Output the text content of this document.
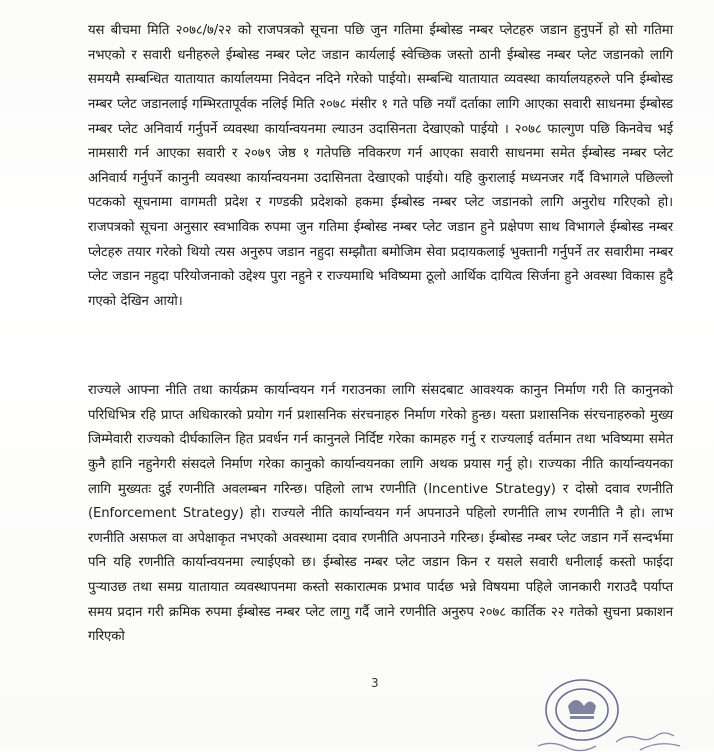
यस बीचमा मिति २०७८/७/२२ को राजपत्रको सूचना पछि जुन गतिमा ईम्बोस्ड नम्बर प्लेटहरु जडान हुनुपर्ने हो सो गतिमा नभएको र सवारी धनीहरुले ईम्बोस्ड नम्बर प्लेट जडान कार्यलाई स्वेच्छिक जस्तो ठानी ईम्बोस्ड नम्बर प्लेट जडानको लागि समयमै सम्बन्धित यातायात कार्यालयमा निवेदन नदिने गरेको पाईयो। सम्बन्धि यातायात व्यवस्था कार्यालयहरुले पनि ईम्बोस्ड नम्बर प्लेट जडानलाई गम्भिरतापूर्वक नलिई मिति २०७८ मंसीर १ गते पछि नयाँ दर्ताका लागि आएका सवारी साधनमा ईम्बोस्ड नम्बर प्लेट अनिवार्य गर्नुपर्ने व्यवस्था कार्यान्वयनमा ल्याउन उदासिनता देखाएको पाईयो । २०७८ फाल्गुण पछि किनवेच भई नामसारी गर्न आएका सवारी र २०७९ जेष्ठ १ गतेपछि नविकरण गर्न आएका सवारी साधनमा समेत ईम्बोस्ड नम्बर प्लेट अनिवार्य गर्नुपर्ने कानुनी व्यवस्था कार्यान्वयनमा उदासिनता देखाएको पाईयो। यहि कुरालाई मध्यनजर गर्दै विभागले पछिल्लो पटकको सूचनामा वागमती प्रदेश र गण्डकी प्रदेशको हकमा ईम्बोस्ड नम्बर प्लेट जडानको लागि अनुरोध गरिएको हो। राजपत्रको सूचना अनुसार स्वभाविक रुपमा जुन गतिमा ईम्बोस्ड नम्बर प्लेट जडान हुने प्रक्षेपण साथ विभागले ईम्बोस्ड नम्बर प्लेटहरु तयार गरेको थियो त्यस अनुरुप जडान नहुदा सम्झौता बमोजिम सेवा प्रदायकलाई भुक्तानी गर्नुपर्ने तर सवारीमा नम्बर प्लेट जडान नहुदा परियोजनाको उद्देश्य पुरा नहुने र राज्यमाथि भविष्यमा ठूलो आर्थिक दायित्व सिर्जना हुने अवस्था विकास हुदै गएको देखिन आयो।

राज्यले आफ्ना नीति तथा कार्यक्रम कार्यान्वयन गर्न गराउनका लागि संसदबाट आवश्यक कानुन निर्माण गरी ति कानुनको परिधिभित्र रहि प्राप्त अधिकारको प्रयोग गर्न प्रशासनिक संरचनाहरु निर्माण गरेको हुन्छ। यस्ता प्रशासनिक संरचनाहरुको मुख्य जिम्मेवारी राज्यको दीर्घकालिन हित प्रवर्धन गर्न कानुनले निर्दिष्ट गरेका कामहरु गर्नु र राज्यलाई वर्तमान तथा भविष्यमा समेत कुनै हानि नहुनेगरी संसदले निर्माण गरेका कानुको कार्यान्वयनका लागि अथक प्रयास गर्नु हो। राज्यका नीति कार्यान्वयनका लागि मुख्यतः दुई रणनीति अवलम्बन गरिन्छ। पहिलो लाभ रणनीति (Incentive Strategy) र दोस्रो दवाव रणनीति (Enforcement Strategy) हो। राज्यले नीति कार्यान्वयन गर्न अपनाउने पहिलो रणनीति लाभ रणनीति नै हो। लाभ रणनीति असफल वा अपेक्षाकृत नभएको अवस्थामा दवाव रणनीति अपनाउने गरिन्छ। ईम्बोस्ड नम्बर प्लेट जडान गर्ने सन्दर्भमा पनि यहि रणनीति कार्यान्वयनमा ल्याईएको छ। ईम्बोस्ड नम्बर प्लेट जडान किन र यसले सवारी धनीलाई कस्तो फाईदा पुर्‍याउछ तथा समग्र यातायात व्यवस्थापनमा कस्तो सकारात्मक प्रभाव पार्दछ भन्ने विषयमा पहिले जानकारी गराउदै पर्याप्त समय प्रदान गरी क्रमिक रुपमा ईम्बोस्ड नम्बर प्लेट लागु गर्दै जाने रणनीति अनुरुप २०७८ कार्तिक २२ गतेको सुचना प्रकाशन गरिएको

3
